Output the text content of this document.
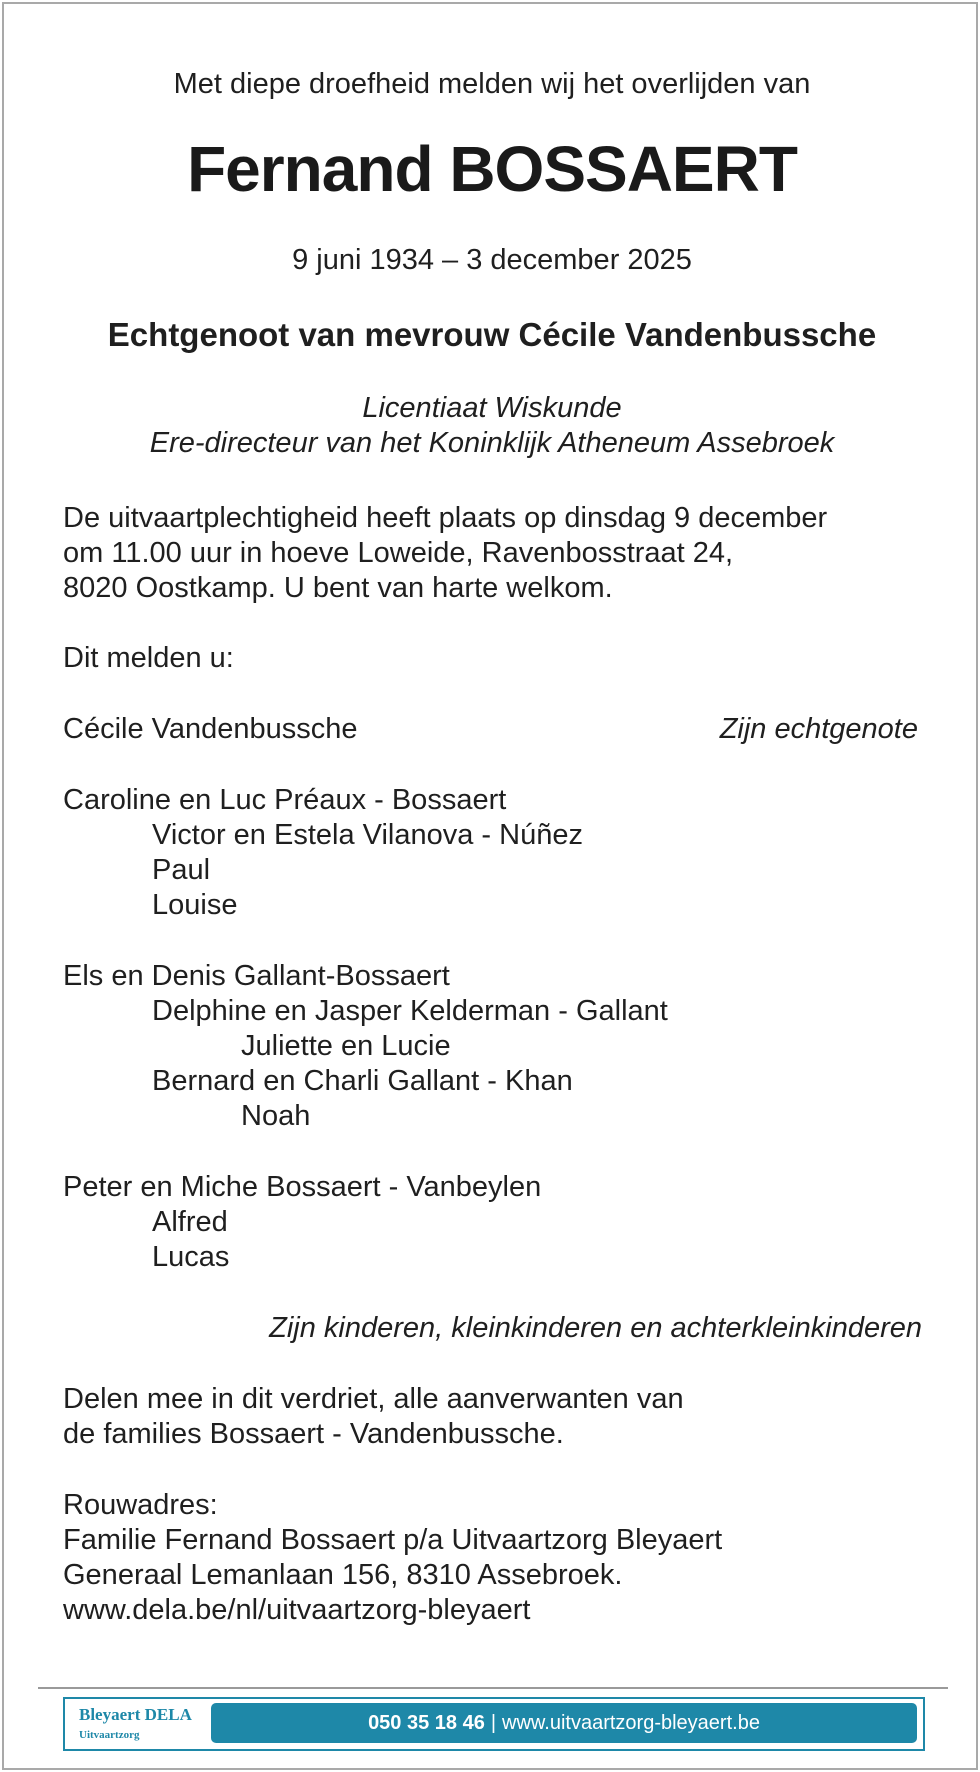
Met diepe droefheid melden wij het overlijden van
Fernand BOSSAERT
9 juni 1934 – 3 december 2025
Echtgenoot van mevrouw Cécile Vandenbussche
Licentiaat Wiskunde
Ere-directeur van het Koninklijk Atheneum Assebroek
De uitvaartplechtigheid heeft plaats op dinsdag 9 december
om 11.00 uur in hoeve Loweide, Ravenbosstraat 24,
8020 Oostkamp. U bent van harte welkom.
Dit melden u:
Cécile Vandenbussche	Zijn echtgenote
Caroline en Luc Préaux - Bossaert
Victor en Estela Vilanova - Núñez
Paul
Louise
Els en Denis Gallant-Bossaert
Delphine en Jasper Kelderman - Gallant
Juliette en Lucie
Bernard en Charli Gallant - Khan
Noah
Peter en Miche Bossaert - Vanbeylen
Alfred
Lucas
Zijn kinderen, kleinkinderen en achterkleinkinderen
Delen mee in dit verdriet, alle aanverwanten van
de families Bossaert - Vandenbussche.
Rouwadres:
Familie Fernand Bossaert p/a Uitvaartzorg Bleyaert
Generaal Lemanlaan 156, 8310 Assebroek.
www.dela.be/nl/uitvaartzorg-bleyaert
Bleyaert DELA
Uitvaartzorg
050 35 18 46 | www.uitvaartzorg-bleyaert.be
